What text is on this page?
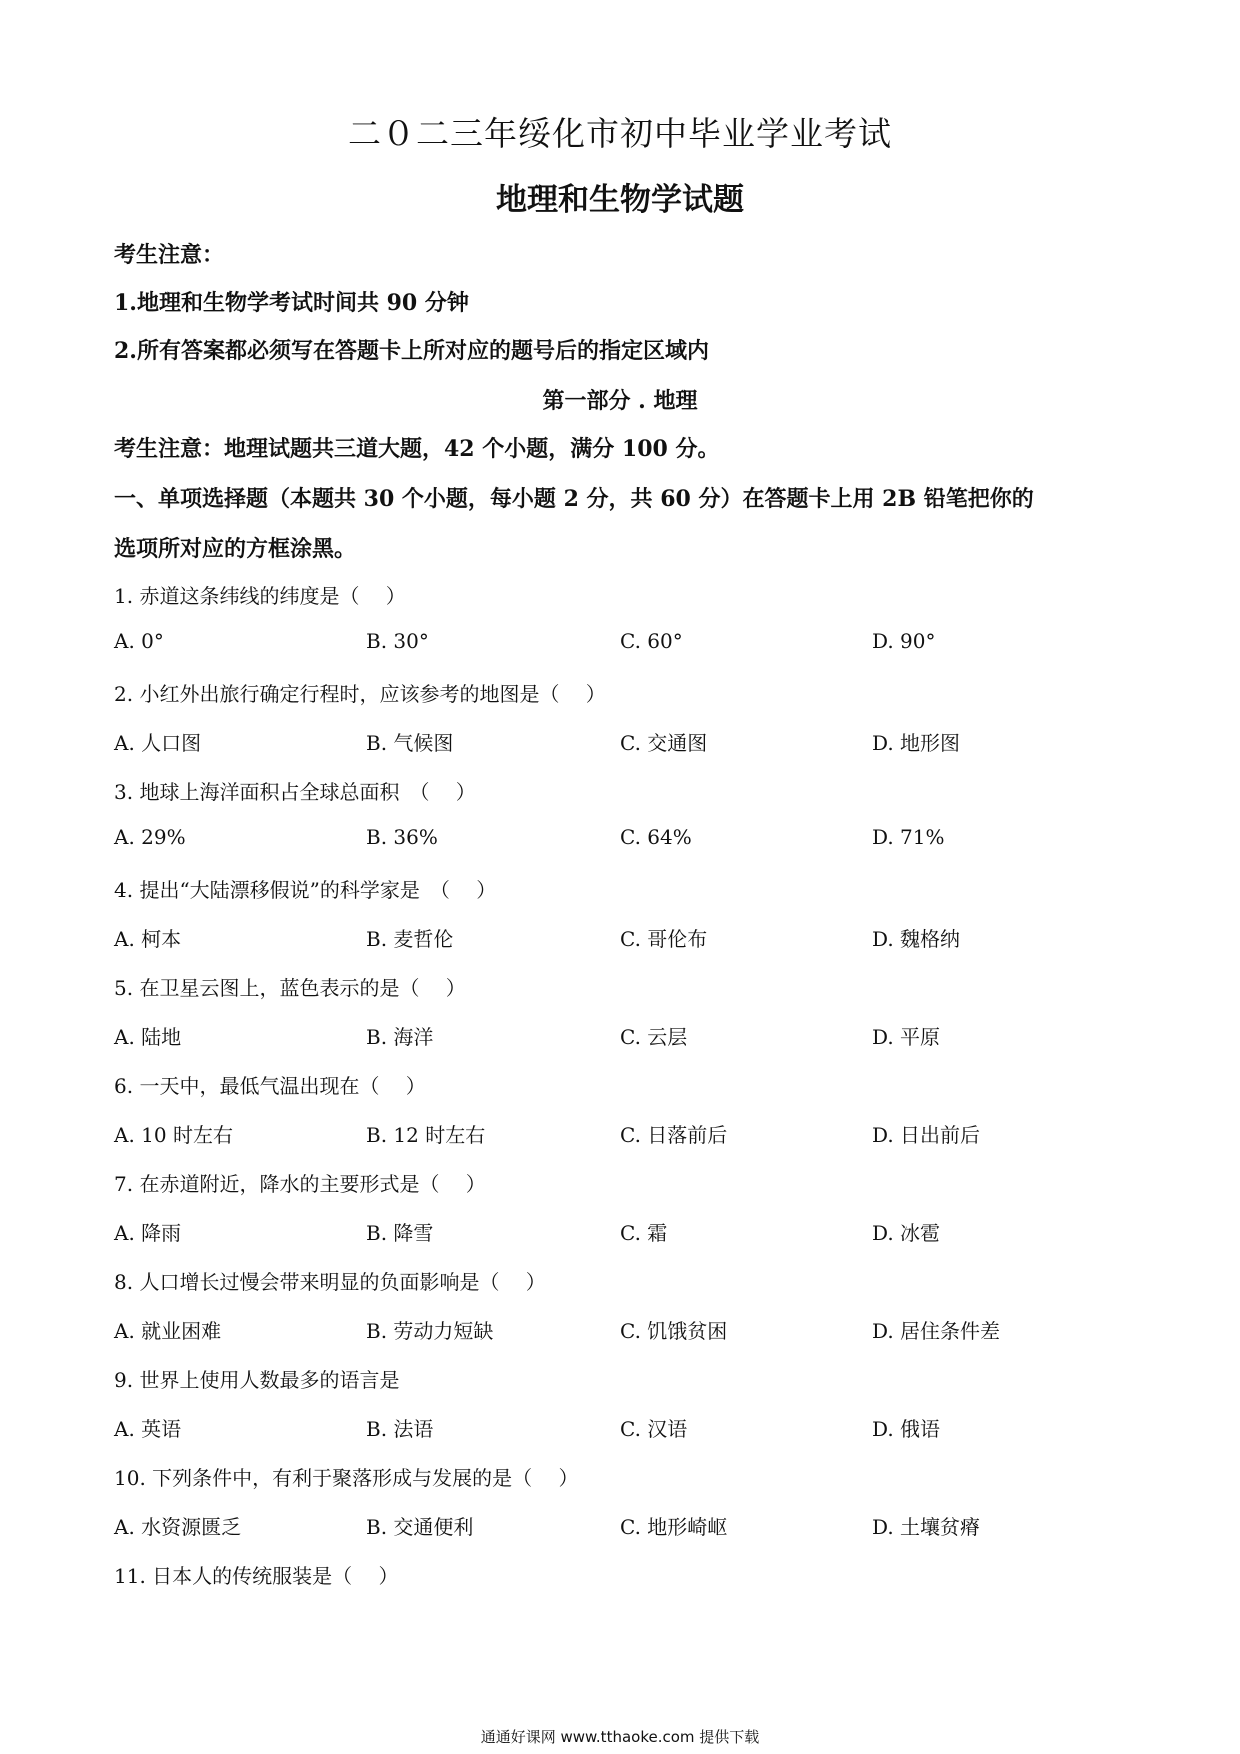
二０二三年绥化市初中毕业学业考试
地理和生物学试题
考生注意：
1.地理和生物学考试时间共 90 分钟
2.所有答案都必须写在答题卡上所对应的题号后的指定区域内
第一部分 . 地理
考生注意：地理试题共三道大题，42 个小题，满分 100 分。
一、单项选择题（本题共 30 个小题，每小题 2 分，共 60 分）在答题卡上用 2B 铅笔把你的
选项所对应的方框涂黑。
1. 赤道这条纬线的纬度是（　 ）
A. 0°	B. 30°	C. 60°	D. 90°
2. 小红外出旅行确定行程时，应该参考的地图是（　 ）
A. 人口图	B. 气候图	C. 交通图	D. 地形图
3. 地球上海洋面积占全球总面积　（　 ）
A. 29%	B. 36%	C. 64%	D. 71%
4. 提出“大陆漂移假说”的科学家是　（　 ）
A. 柯本	B. 麦哲伦	C. 哥伦布	D. 魏格纳
5. 在卫星云图上，蓝色表示的是（　 ）
A. 陆地	B. 海洋	C. 云层	D. 平原
6. 一天中，最低气温出现在（　 ）
A. 10 时左右	B. 12 时左右	C. 日落前后	D. 日出前后
7. 在赤道附近，降水的主要形式是（　 ）
A. 降雨	B. 降雪	C. 霜	D. 冰雹
8. 人口增长过慢会带来明显的负面影响是（　 ）
A. 就业困难	B. 劳动力短缺	C. 饥饿贫困	D. 居住条件差
9. 世界上使用人数最多的语言是
A. 英语	B. 法语	C. 汉语	D. 俄语
10. 下列条件中，有利于聚落形成与发展的是（　 ）
A. 水资源匮乏	B. 交通便利	C. 地形崎岖	D. 土壤贫瘠
11. 日本人的传统服装是（　 ）
通通好课网 www.tthaoke.com 提供下载
